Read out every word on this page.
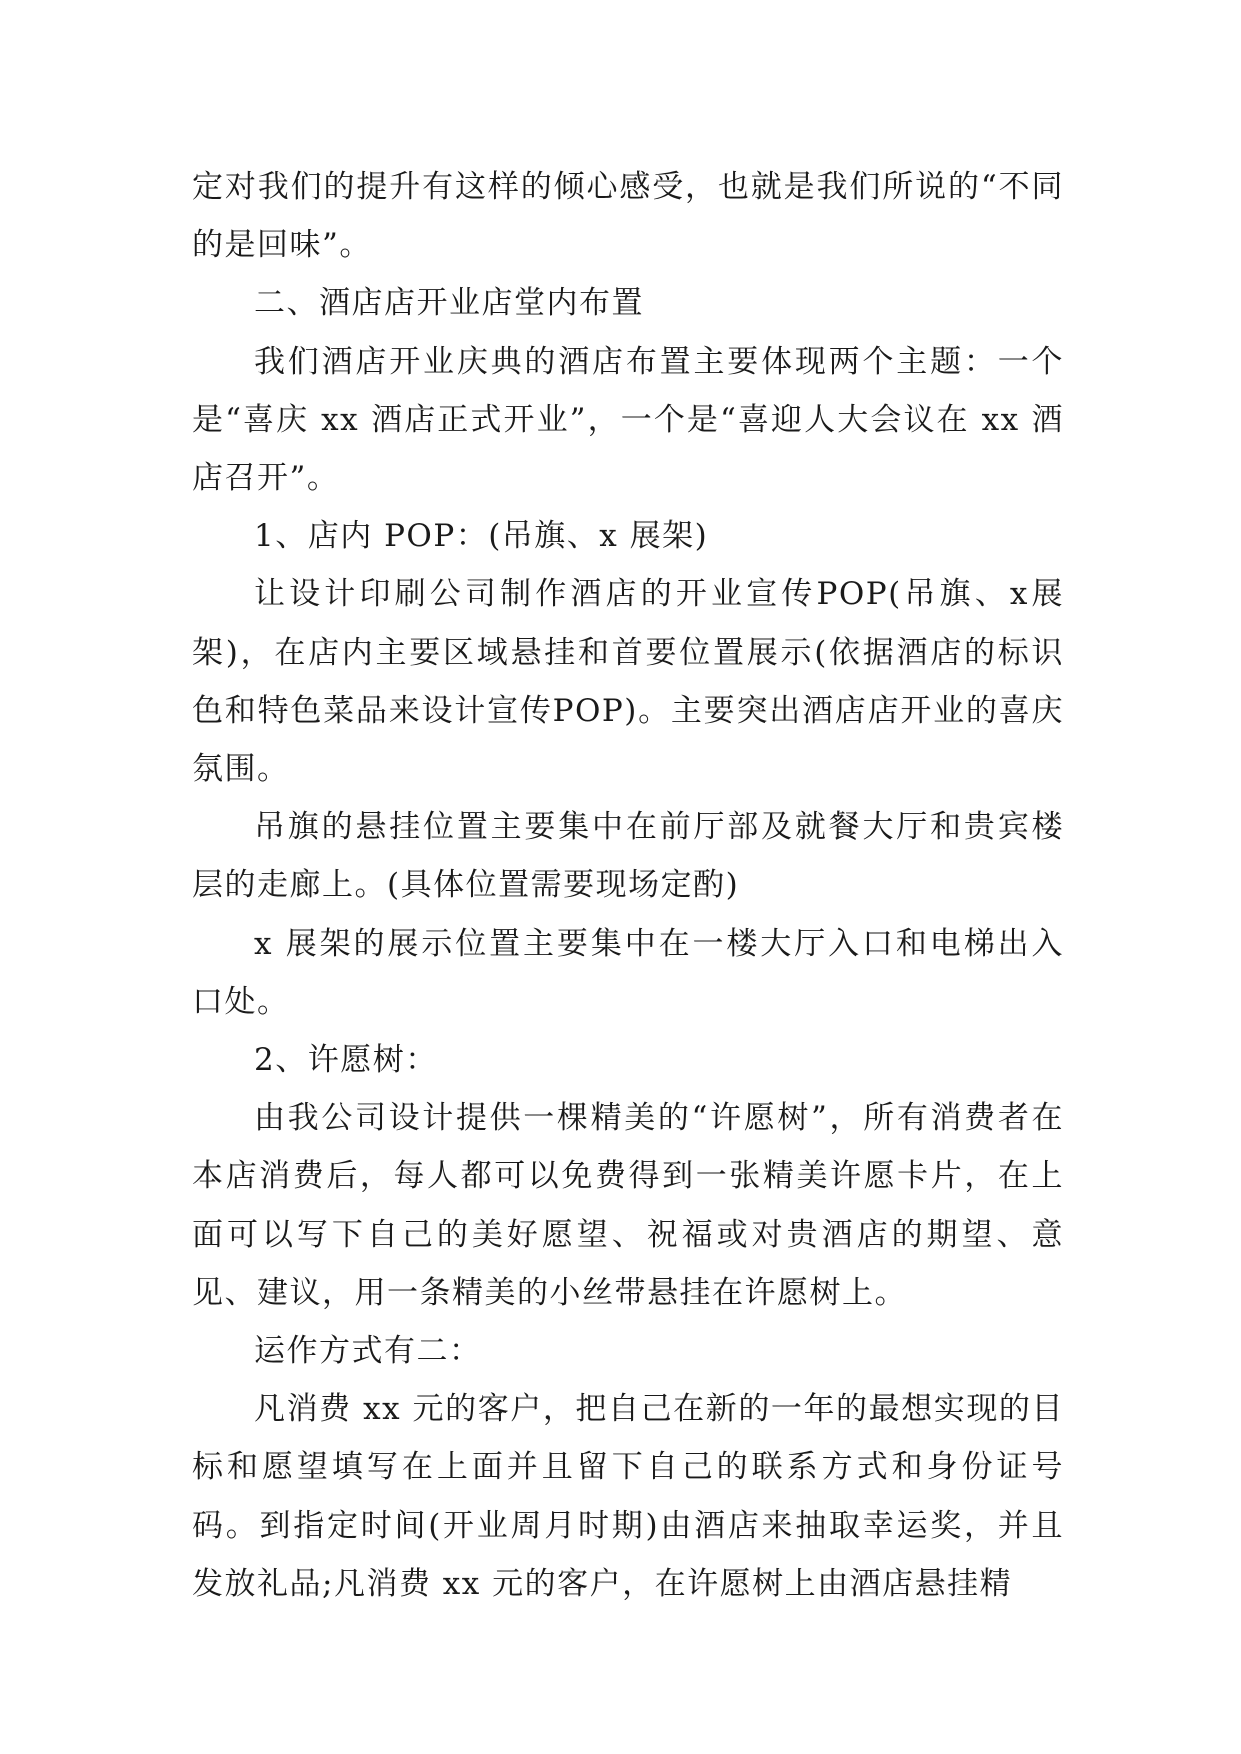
定对我们的提升有这样的倾心感受，也就是我们所说的“不同的是回味”。

二、酒店店开业店堂内布置

我们酒店开业庆典的酒店布置主要体现两个主题：一个是“喜庆 xx 酒店正式开业”，一个是“喜迎人大会议在 xx 酒店召开”。

1、店内 POP：(吊旗、x 展架)

让设计印刷公司制作酒店的开业宣传POP(吊旗、x展架)，在店内主要区域悬挂和首要位置展示(依据酒店的标识色和特色菜品来设计宣传POP)。主要突出酒店店开业的喜庆氛围。

吊旗的悬挂位置主要集中在前厅部及就餐大厅和贵宾楼层的走廊上。(具体位置需要现场定酌)

x 展架的展示位置主要集中在一楼大厅入口和电梯出入口处。

2、许愿树：

由我公司设计提供一棵精美的“许愿树”，所有消费者在本店消费后，每人都可以免费得到一张精美许愿卡片，在上面可以写下自己的美好愿望、祝福或对贵酒店的期望、意见、建议，用一条精美的小丝带悬挂在许愿树上。

运作方式有二：

凡消费 xx 元的客户，把自己在新的一年的最想实现的目标和愿望填写在上面并且留下自己的联系方式和身份证号码。到指定时间(开业周月时期)由酒店来抽取幸运奖，并且发放礼品;凡消费 xx 元的客户，在许愿树上由酒店悬挂精
